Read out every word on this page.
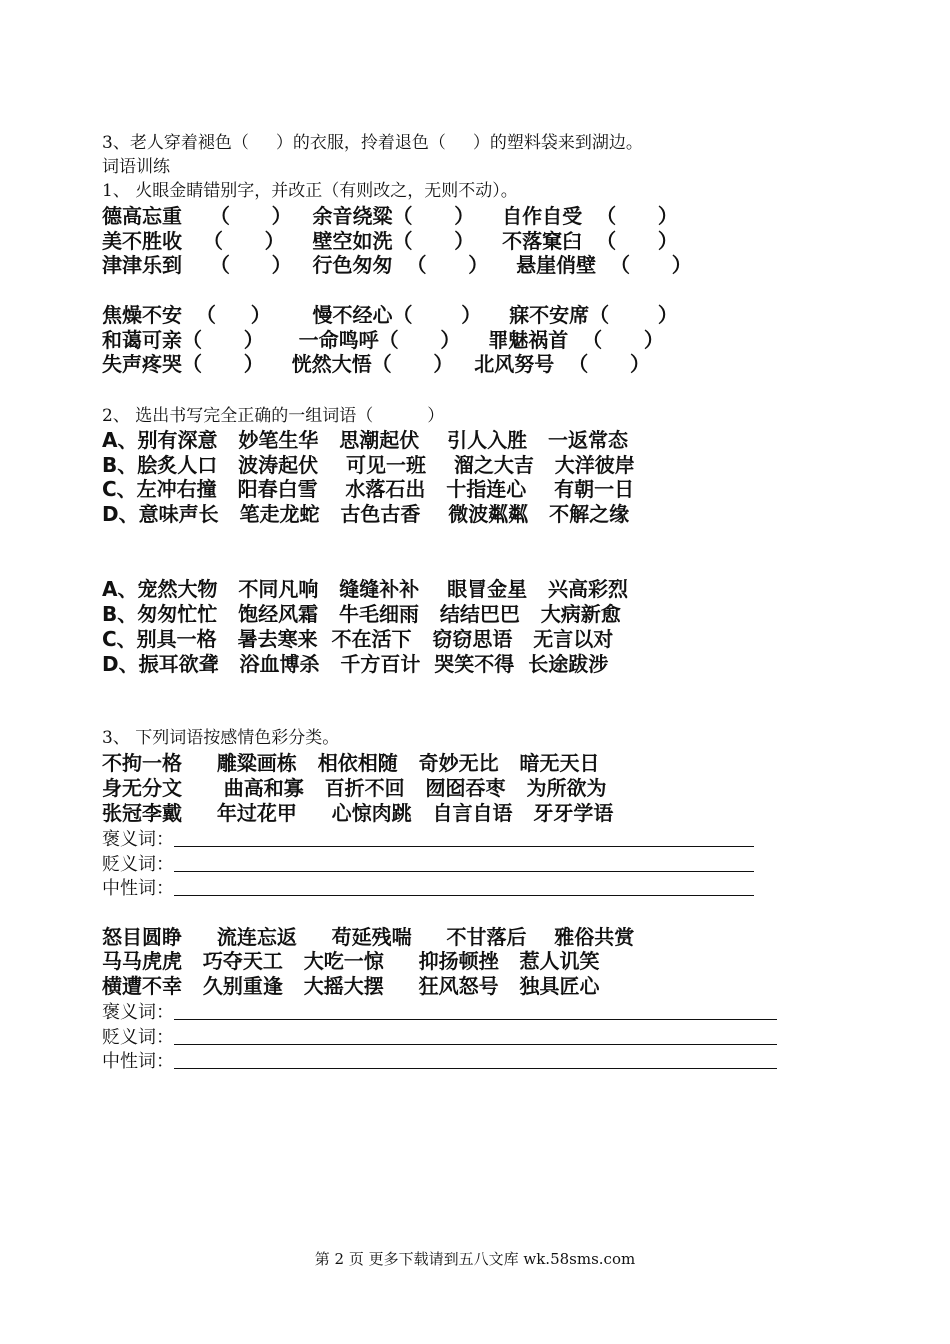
3、老人穿着褪色（     ）的衣服，拎着退色（     ）的塑料袋来到湖边。
词语训练
1、 火眼金睛错别字，并改正（有则改之，无则不动）。
德高忘重    （      ）   余音绕粱（      ）    自作自受  （      ）
美不胜收   （      ）    壁空如洗（      ）    不落窠臼  （      ）
津津乐到    （      ）   行色匆匆  （      ）    悬崖俏壁  （      ）
焦燥不安  （     ）      慢不经心（       ）    寐不安席（       ）
和蔼可亲（      ）     一命鸣呼（      ）    罪魅祸首  （      ）
失声疼哭（      ）    恍然大悟（      ）   北风努号  （      ）
2、 选出书写完全正确的一组词语（          ）
A、别有深意   妙笔生华   思潮起伏    引人入胜   一返常态
B、脍炙人口   波涛起伏    可见一班    溜之大吉   大洋彼岸
C、左冲右撞   阳春白雪    水落石出   十指连心    有朝一日
D、意味声长   笔走龙蛇   古色古香    微波粼粼   不解之缘
A、宠然大物   不同凡响   缝缝补补    眼冒金星   兴高彩烈
B、匆匆忙忙   饱经风霜   牛毛细雨   结结巴巴   大病新愈
C、别具一格   暑去寒来  不在活下   窃窃思语   无言以对
D、振耳欲聋   浴血博杀   千方百计  哭笑不得  长途跋涉
3、 下列词语按感情色彩分类。
不拘一格     雕粱画栋   相依相随   奇妙无比   暗无天日
身无分文      曲高和寡   百折不回   囫囵吞枣   为所欲为
张冠李戴     年过花甲     心惊肉跳   自言自语   牙牙学语
怒目圆睁     流连忘返     苟延残喘     不甘落后    雅俗共赏
马马虎虎   巧夺天工   大吃一惊     抑扬顿挫   惹人讥笑
横遭不幸   久别重逢   大摇大摆     狂风怒号   独具匠心
褒义词：
贬义词：
中性词：
褒义词：
贬义词：
中性词：
第 2 页 更多下载请到五八文库 wk.58sms.com
